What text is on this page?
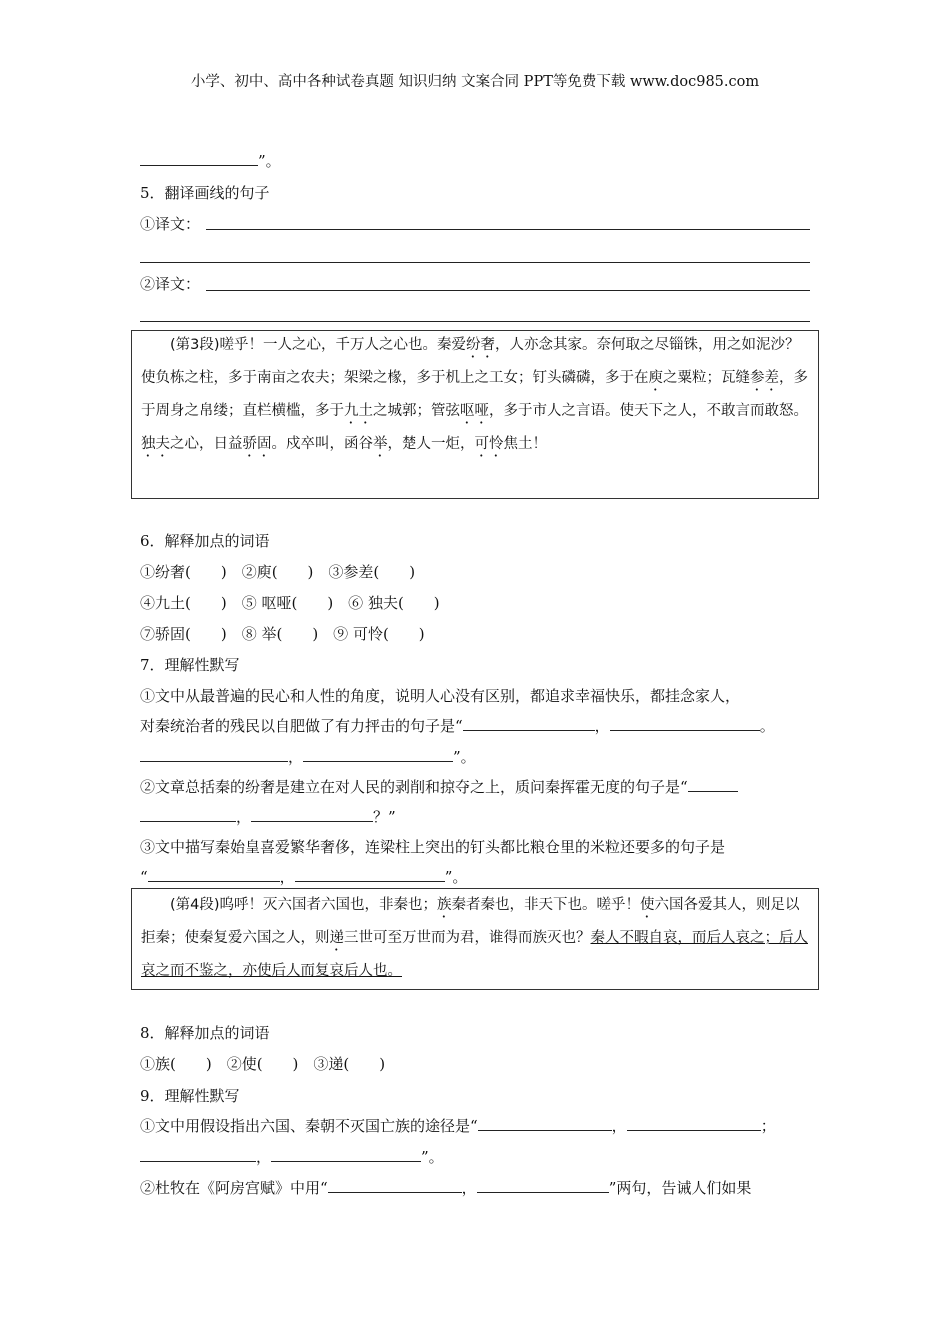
小学、初中、高中各种试卷真题 知识归纳 文案合同 PPT等免费下载 www.doc985.com
”。
5．翻译画线的句子
①译文：
②译文：

(第3段)嗟乎！一人之心，千万人之心也。秦爱纷奢，人亦念其家。奈何取之尽锱铢，用之如泥沙？使负栋之柱，多于南亩之农夫；架梁之椽，多于机上之工女；钉头磷磷，多于在庾之粟粒；瓦缝参差，多于周身之帛缕；直栏横槛，多于九土之城郭；管弦呕哑，多于市人之言语。使天下之人，不敢言而敢怒。独夫之心，日益骄固。戍卒叫，函谷举，楚人一炬，可怜焦土！

6．解释加点的词语
①纷奢(　　)　②庾(　　)　③参差(　　)
④九土(　　)　⑤ 呕哑(　　)　⑥ 独夫(　　)
⑦骄固(　　)　⑧ 举(　　)　⑨ 可怜(　　)
7．理解性默写
①文中从最普遍的民心和人性的角度，说明人心没有区别，都追求幸福快乐，都挂念家人，
对秦统治者的残民以自肥做了有力抨击的句子是“	，	。
，	”。
②文章总括秦的纷奢是建立在对人民的剥削和掠夺之上，质问秦挥霍无度的句子是“
，	？”
③文中描写秦始皇喜爱繁华奢侈，连梁柱上突出的钉头都比粮仓里的米粒还要多的句子是
“	，	”。

(第4段)呜呼！灭六国者六国也，非秦也；族秦者秦也，非天下也。嗟乎！使六国各爱其人，则足以拒秦；使秦复爱六国之人，则递三世可至万世而为君，谁得而族灭也？秦人不暇自哀，而后人哀之；后人哀之而不鉴之，亦使后人而复哀后人也。

8．解释加点的词语
①族(　　)　②使(　　)　③递(　　)
9．理解性默写
①文中用假设指出六国、秦朝不灭国亡族的途径是“	，	；
，	”。
②杜牧在《阿房宫赋》中用“	，	”两句，告诫人们如果
